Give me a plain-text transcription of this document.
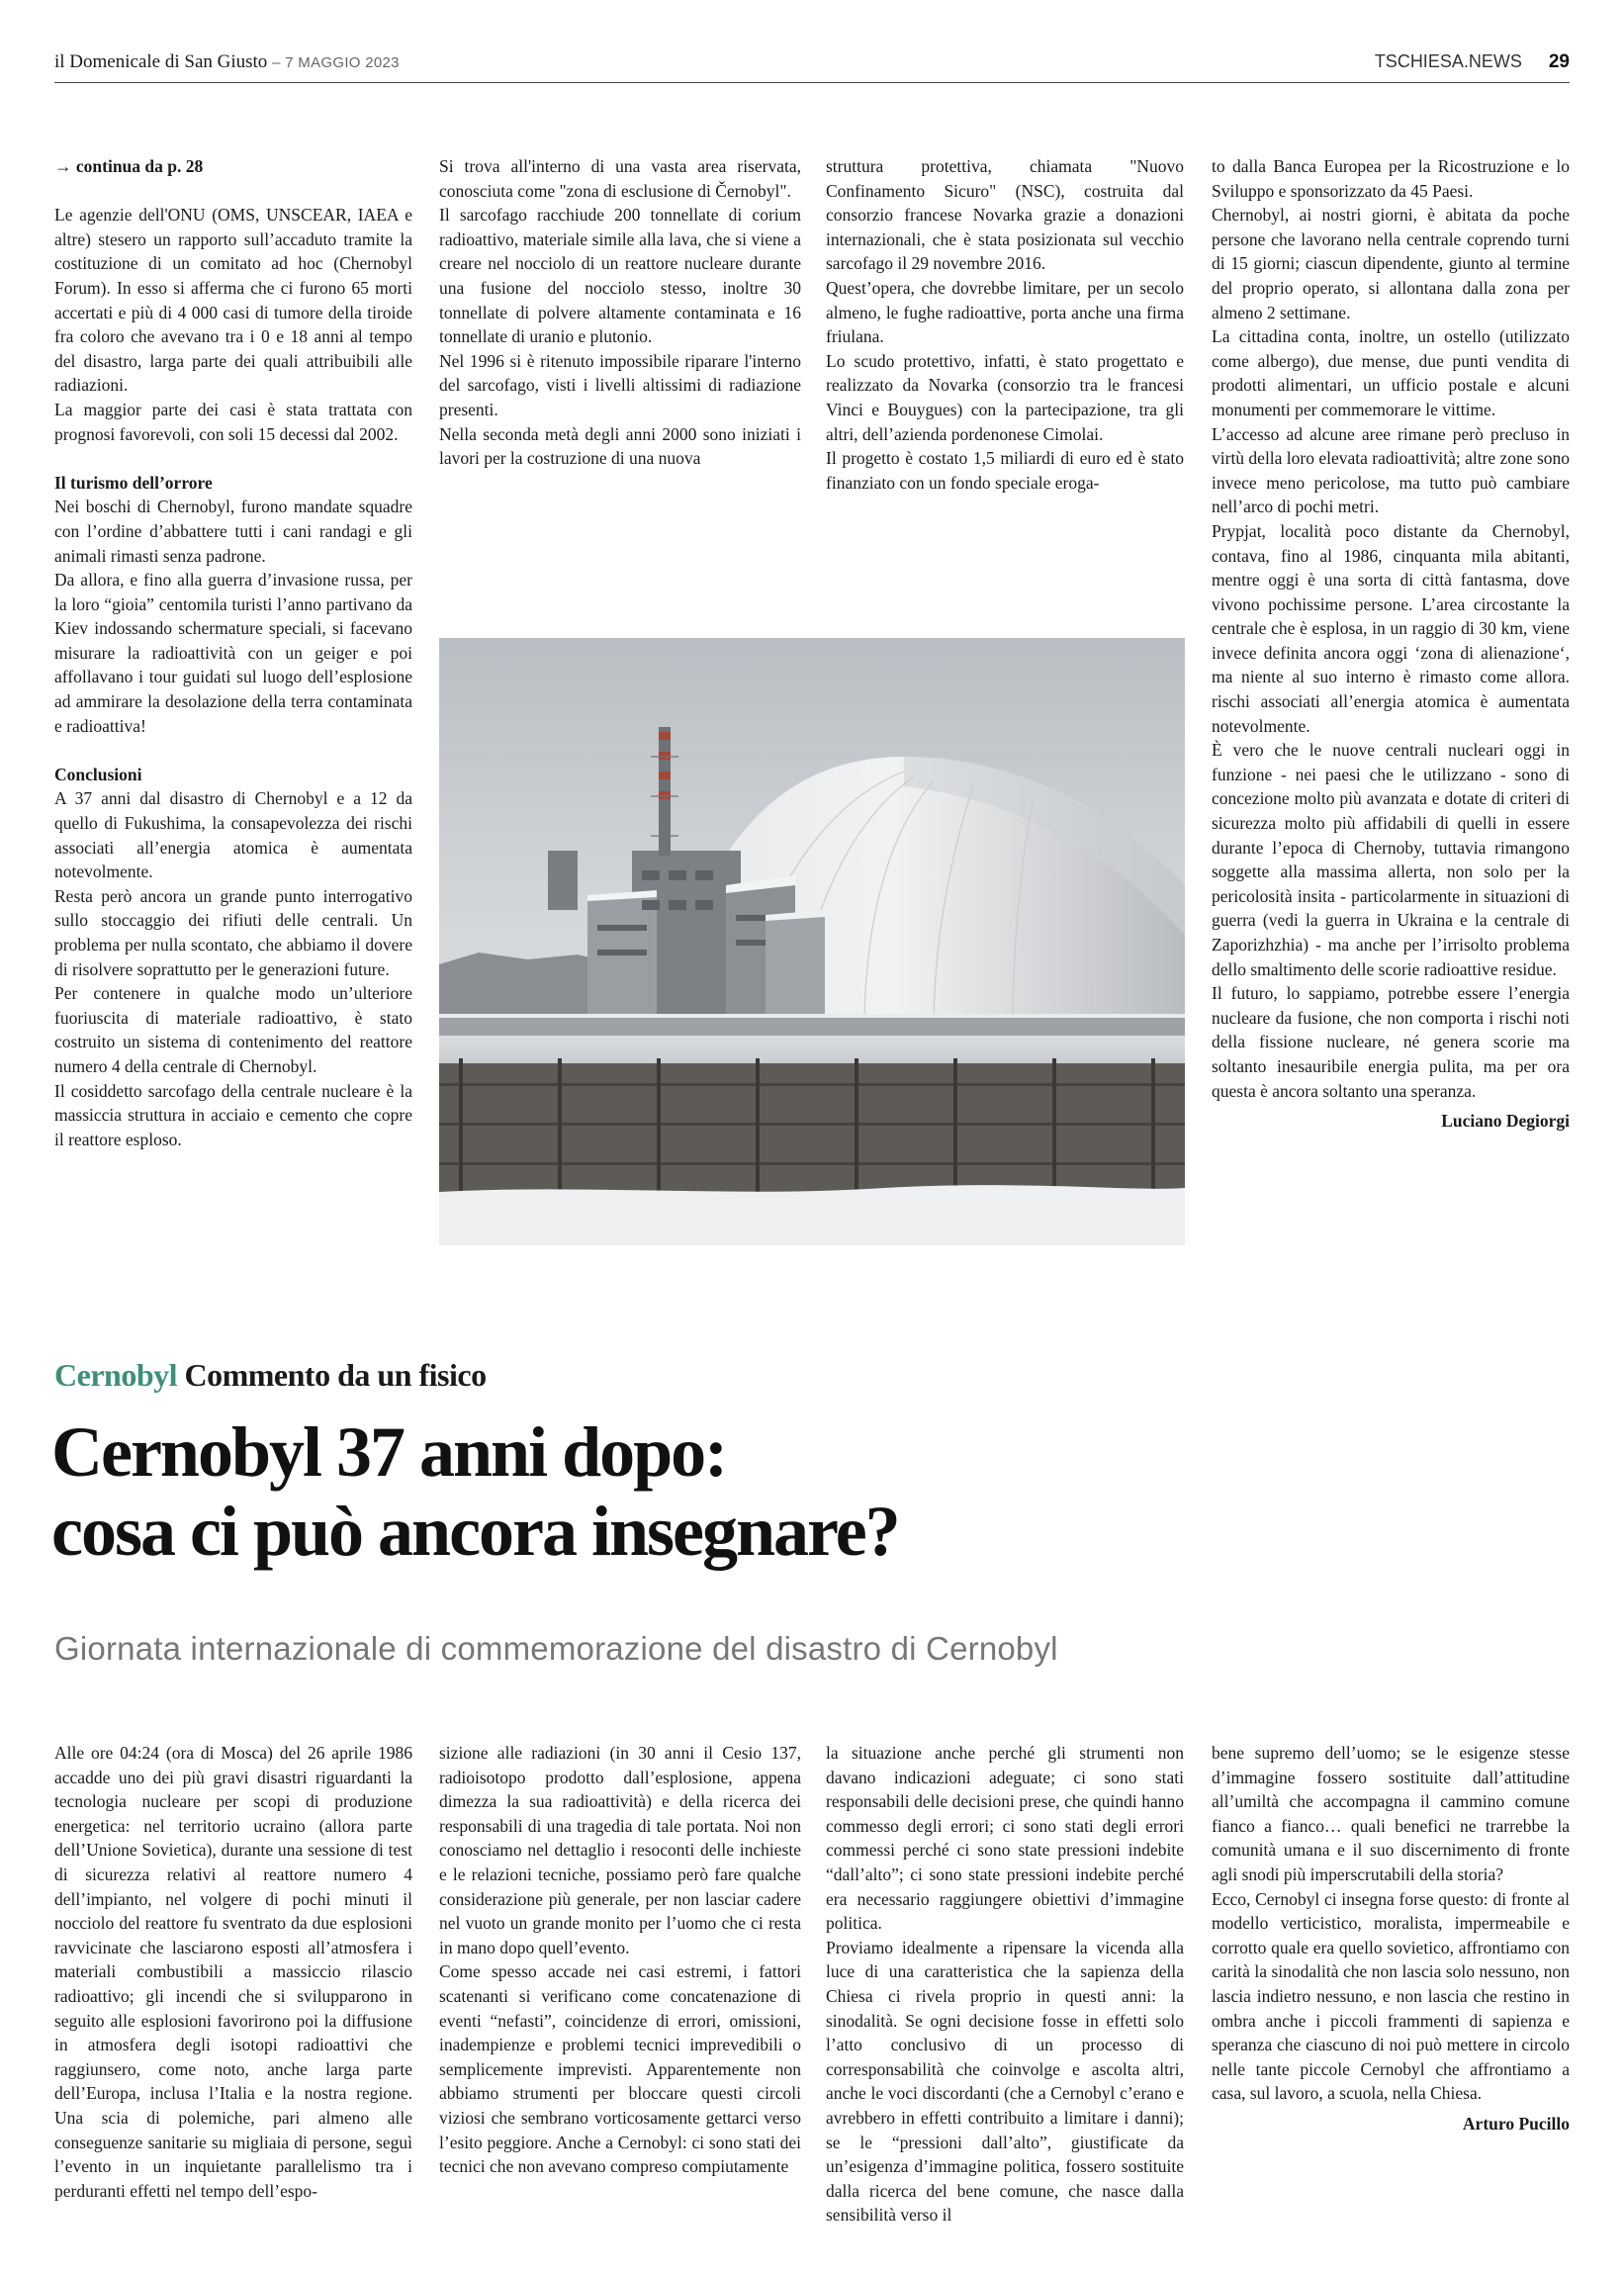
il Domenicale di San Giusto – 7 MAGGIO 2023	TSCHIESA.NEWS 29

→ continua da p. 28

Le agenzie dell'ONU (OMS, UNSCEAR, IAEA e altre) stesero un rapporto sull’accaduto tramite la costituzione di un comitato ad hoc (Chernobyl Forum). In esso si afferma che ci furono 65 morti accertati e più di 4 000 casi di tumore della tiroide fra coloro che avevano tra i 0 e 18 anni al tempo del disastro, larga parte dei quali attribuibili alle radiazioni.

La maggior parte dei casi è stata trattata con prognosi favorevoli, con soli 15 decessi dal 2002.

Il turismo dell’orrore

Nei boschi di Chernobyl, furono mandate squadre con l’ordine d’abbattere tutti i cani randagi e gli animali rimasti senza padrone.

Da allora, e fino alla guerra d’invasione russa, per la loro “gioia” centomila turisti l’anno partivano da Kiev indossando schermature speciali, si facevano misurare la radioattività con un geiger e poi affollavano i tour guidati sul luogo dell’esplosione ad ammirare la desolazione della terra contaminata e radioattiva!

Conclusioni

A 37 anni dal disastro di Chernobyl e a 12 da quello di Fukushima, la consapevolezza dei rischi associati all’energia atomica è aumentata notevolmente.

Resta però ancora un grande punto interrogativo sullo stoccaggio dei rifiuti delle centrali. Un problema per nulla scontato, che abbiamo il dovere di risolvere soprattutto per le generazioni future.

Per contenere in qualche modo un’ulteriore fuoriuscita di materiale radioattivo, è stato costruito un sistema di contenimento del reattore numero 4 della centrale di Chernobyl.

Il cosiddetto sarcofago della centrale nucleare è la massiccia struttura in acciaio e cemento che copre il reattore esploso.

Si trova all'interno di una vasta area riservata, conosciuta come "zona di esclusione di Černobyl".

Il sarcofago racchiude 200 tonnellate di corium radioattivo, materiale simile alla lava, che si viene a creare nel nocciolo di un reattore nucleare durante una fusione del nocciolo stesso, inoltre 30 tonnellate di polvere altamente contaminata e 16 tonnellate di uranio e plutonio.

Nel 1996 si è ritenuto impossibile riparare l'interno del sarcofago, visti i livelli altissimi di radiazione presenti.

Nella seconda metà degli anni 2000 sono iniziati i lavori per la costruzione di una nuova

struttura protettiva, chiamata "Nuovo Confinamento Sicuro" (NSC), costruita dal consorzio francese Novarka grazie a donazioni internazionali, che è stata posizionata sul vecchio sarcofago il 29 novembre 2016.

Quest’opera, che dovrebbe limitare, per un secolo almeno, le fughe radioattive, porta anche una firma friulana.

Lo scudo protettivo, infatti, è stato progettato e realizzato da Novarka (consorzio tra le francesi Vinci e Bouygues) con la partecipazione, tra gli altri, dell’azienda pordenonese Cimolai.

Il progetto è costato 1,5 miliardi di euro ed è stato finanziato con un fondo speciale eroga-

to dalla Banca Europea per la Ricostruzione e lo Sviluppo e sponsorizzato da 45 Paesi.

Chernobyl, ai nostri giorni, è abitata da poche persone che lavorano nella centrale coprendo turni di 15 giorni; ciascun dipendente, giunto al termine del proprio operato, si allontana dalla zona per almeno 2 settimane.

La cittadina conta, inoltre, un ostello (utilizzato come albergo), due mense, due punti vendita di prodotti alimentari, un ufficio postale e alcuni monumenti per commemorare le vittime.

L’accesso ad alcune aree rimane però precluso in virtù della loro elevata radioattività; altre zone sono invece meno pericolose, ma tutto può cambiare nell’arco di pochi metri.

Prypjat, località poco distante da Chernobyl, contava, fino al 1986, cinquanta mila abitanti, mentre oggi è una sorta di città fantasma, dove vivono pochissime persone. L’area circostante la centrale che è esplosa, in un raggio di 30 km, viene invece definita ancora oggi ‘zona di alienazione‘, ma niente al suo interno è rimasto come allora. rischi associati all’energia atomica è aumentata notevolmente.

È vero che le nuove centrali nucleari oggi in funzione - nei paesi che le utilizzano - sono di concezione molto più avanzata e dotate di criteri di sicurezza molto più affidabili di quelli in essere durante l’epoca di Chernoby, tuttavia rimangono soggette alla massima allerta, non solo per la pericolosità insita - particolarmente in situazioni di guerra (vedi la guerra in Ukraina e la centrale di Zaporizhzhia) - ma anche per l’irrisolto problema dello smaltimento delle scorie radioattive residue.

Il futuro, lo sappiamo, potrebbe essere l’energia nucleare da fusione, che non comporta i rischi noti della fissione nucleare, né genera scorie ma soltanto inesauribile energia pulita, ma per ora questa è ancora soltanto una speranza.

Luciano Degiorgi

Cernobyl Commento da un fisico
Cernobyl 37 anni dopo:
cosa ci può ancora insegnare?
Giornata internazionale di commemorazione del disastro di Cernobyl

Alle ore 04:24 (ora di Mosca) del 26 aprile 1986 accadde uno dei più gravi disastri riguardanti la tecnologia nucleare per scopi di produzione energetica: nel territorio ucraino (allora parte dell’Unione Sovietica), durante una sessione di test di sicurezza relativi al reattore numero 4 dell’impianto, nel volgere di pochi minuti il nocciolo del reattore fu sventrato da due esplosioni ravvicinate che lasciarono esposti all’atmosfera i materiali combustibili a massiccio rilascio radioattivo; gli incendi che si svilupparono in seguito alle esplosioni favorirono poi la diffusione in atmosfera degli isotopi radioattivi che raggiunsero, come noto, anche larga parte dell’Europa, inclusa l’Italia e la nostra regione. Una scia di polemiche, pari almeno alle conseguenze sanitarie su migliaia di persone, seguì l’evento in un inquietante parallelismo tra i perduranti effetti nel tempo dell’espo-

sizione alle radiazioni (in 30 anni il Cesio 137, radioisotopo prodotto dall’esplosione, appena dimezza la sua radioattività) e della ricerca dei responsabili di una tragedia di tale portata. Noi non conosciamo nel dettaglio i resoconti delle inchieste e le relazioni tecniche, possiamo però fare qualche considerazione più generale, per non lasciar cadere nel vuoto un grande monito per l’uomo che ci resta in mano dopo quell’evento.

Come spesso accade nei casi estremi, i fattori scatenanti si verificano come concatenazione di eventi “nefasti”, coincidenze di errori, omissioni, inadempienze e problemi tecnici imprevedibili o semplicemente imprevisti. Apparentemente non abbiamo strumenti per bloccare questi circoli viziosi che sembrano vorticosamente gettarci verso l’esito peggiore. Anche a Cernobyl: ci sono stati dei tecnici che non avevano compreso compiutamente

la situazione anche perché gli strumenti non davano indicazioni adeguate; ci sono stati responsabili delle decisioni prese, che quindi hanno commesso degli errori; ci sono stati degli errori commessi perché ci sono state pressioni indebite “dall’alto”; ci sono state pressioni indebite perché era necessario raggiungere obiettivi d’immagine politica.

Proviamo idealmente a ripensare la vicenda alla luce di una caratteristica che la sapienza della Chiesa ci rivela proprio in questi anni: la sinodalità. Se ogni decisione fosse in effetti solo l’atto conclusivo di un processo di corresponsabilità che coinvolge e ascolta altri, anche le voci discordanti (che a Cernobyl c’erano e avrebbero in effetti contribuito a limitare i danni); se le “pressioni dall’alto”, giustificate da un’esigenza d’immagine politica, fossero sostituite dalla ricerca del bene comune, che nasce dalla sensibilità verso il

bene supremo dell’uomo; se le esigenze stesse d’immagine fossero sostituite dall’attitudine all’umiltà che accompagna il cammino comune fianco a fianco… quali benefici ne trarrebbe la comunità umana e il suo discernimento di fronte agli snodi più imperscrutabili della storia?

Ecco, Cernobyl ci insegna forse questo: di fronte al modello verticistico, moralista, impermeabile e corrotto quale era quello sovietico, affrontiamo con carità la sinodalità che non lascia solo nessuno, non lascia indietro nessuno, e non lascia che restino in ombra anche i piccoli frammenti di sapienza e speranza che ciascuno di noi può mettere in circolo nelle tante piccole Cernobyl che affrontiamo a casa, sul lavoro, a scuola, nella Chiesa.

Arturo Pucillo
